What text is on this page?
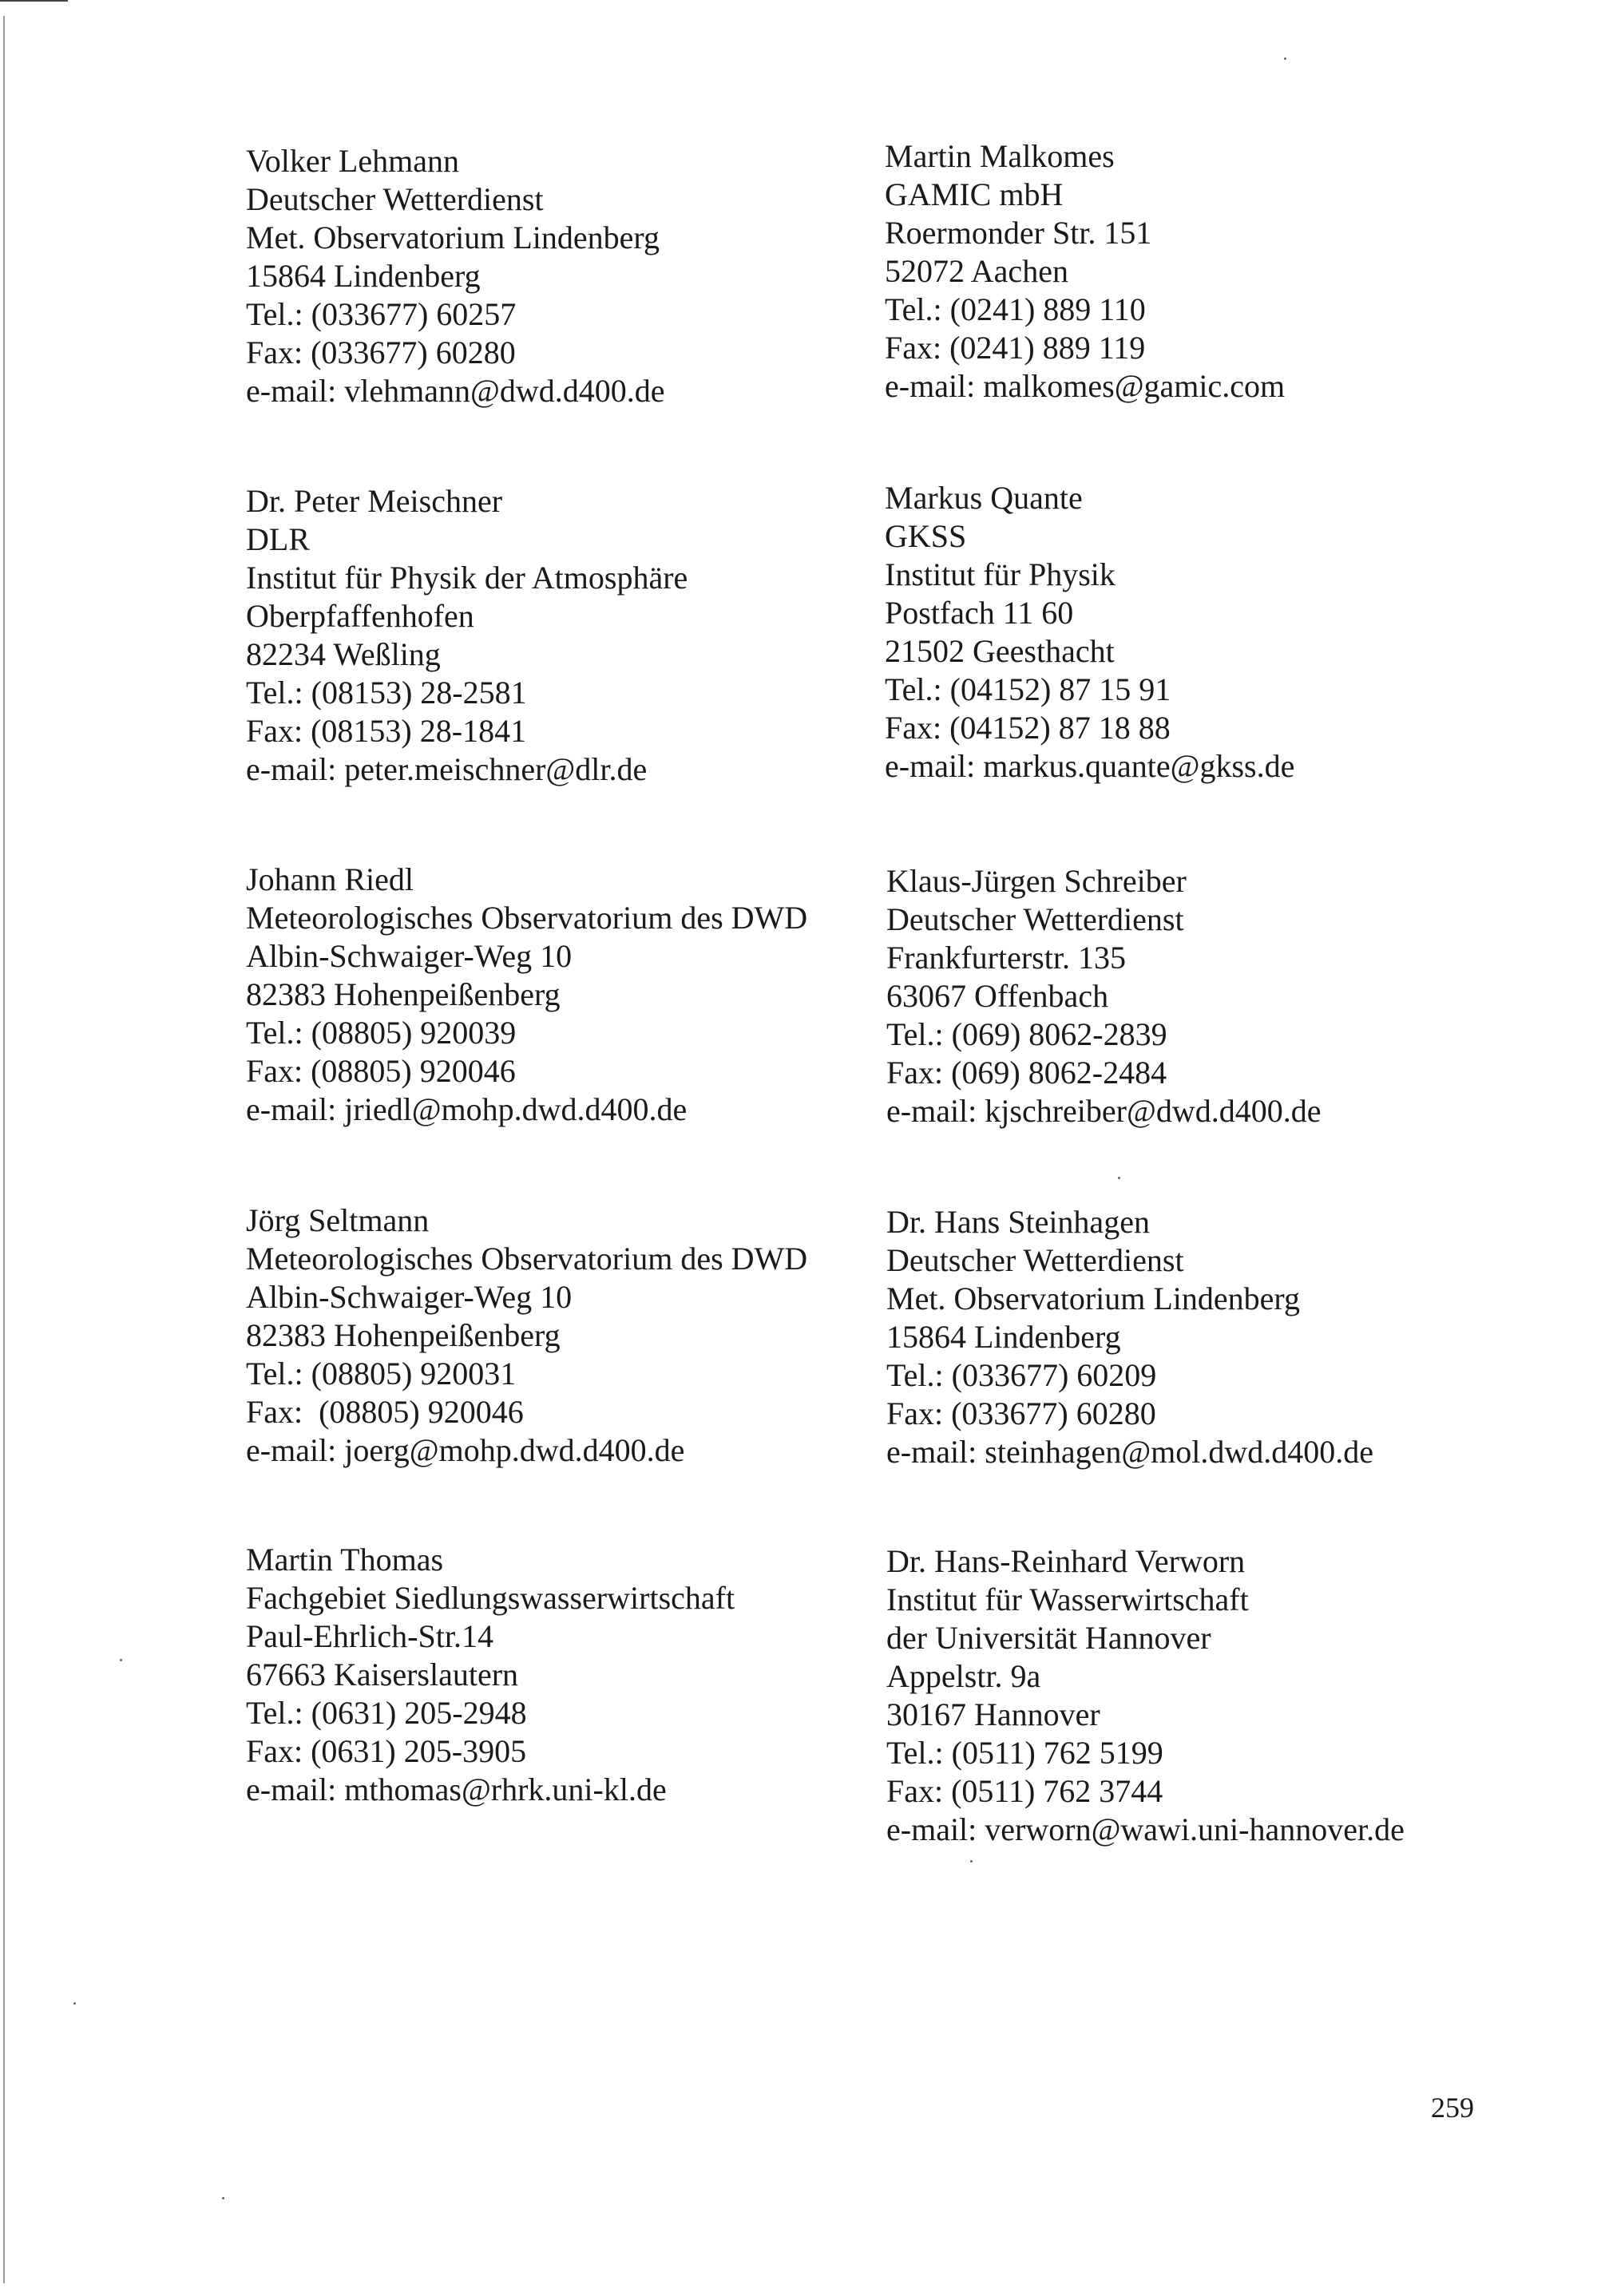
Volker Lehmann
Deutscher Wetterdienst
Met. Observatorium Lindenberg
15864 Lindenberg
Tel.: (033677) 60257
Fax: (033677) 60280
e-mail: vlehmann@dwd.d400.de
Martin Malkomes
GAMIC mbH
Roermonder Str. 151
52072 Aachen
Tel.: (0241) 889 110
Fax: (0241) 889 119
e-mail: malkomes@gamic.com
Dr. Peter Meischner
DLR
Institut für Physik der Atmosphäre
Oberpfaffenhofen
82234 Weßling
Tel.: (08153) 28-2581
Fax: (08153) 28-1841
e-mail: peter.meischner@dlr.de
Markus Quante
GKSS
Institut für Physik
Postfach 11 60
21502 Geesthacht
Tel.: (04152) 87 15 91
Fax: (04152) 87 18 88
e-mail: markus.quante@gkss.de
Johann Riedl
Meteorologisches Observatorium des DWD
Albin-Schwaiger-Weg 10
82383 Hohenpeißenberg
Tel.: (08805) 920039
Fax: (08805) 920046
e-mail: jriedl@mohp.dwd.d400.de
Klaus-Jürgen Schreiber
Deutscher Wetterdienst
Frankfurterstr. 135
63067 Offenbach
Tel.: (069) 8062-2839
Fax: (069) 8062-2484
e-mail: kjschreiber@dwd.d400.de
Jörg Seltmann
Meteorologisches Observatorium des DWD
Albin-Schwaiger-Weg 10
82383 Hohenpeißenberg
Tel.: (08805) 920031
Fax:  (08805) 920046
e-mail: joerg@mohp.dwd.d400.de
Dr. Hans Steinhagen
Deutscher Wetterdienst
Met. Observatorium Lindenberg
15864 Lindenberg
Tel.: (033677) 60209
Fax: (033677) 60280
e-mail: steinhagen@mol.dwd.d400.de
Martin Thomas
Fachgebiet Siedlungswasserwirtschaft
Paul-Ehrlich-Str.14
67663 Kaiserslautern
Tel.: (0631) 205-2948
Fax: (0631) 205-3905
e-mail: mthomas@rhrk.uni-kl.de
Dr. Hans-Reinhard Verworn
Institut für Wasserwirtschaft
der Universität Hannover
Appelstr. 9a
30167 Hannover
Tel.: (0511) 762 5199
Fax: (0511) 762 3744
e-mail: verworn@wawi.uni-hannover.de
259
